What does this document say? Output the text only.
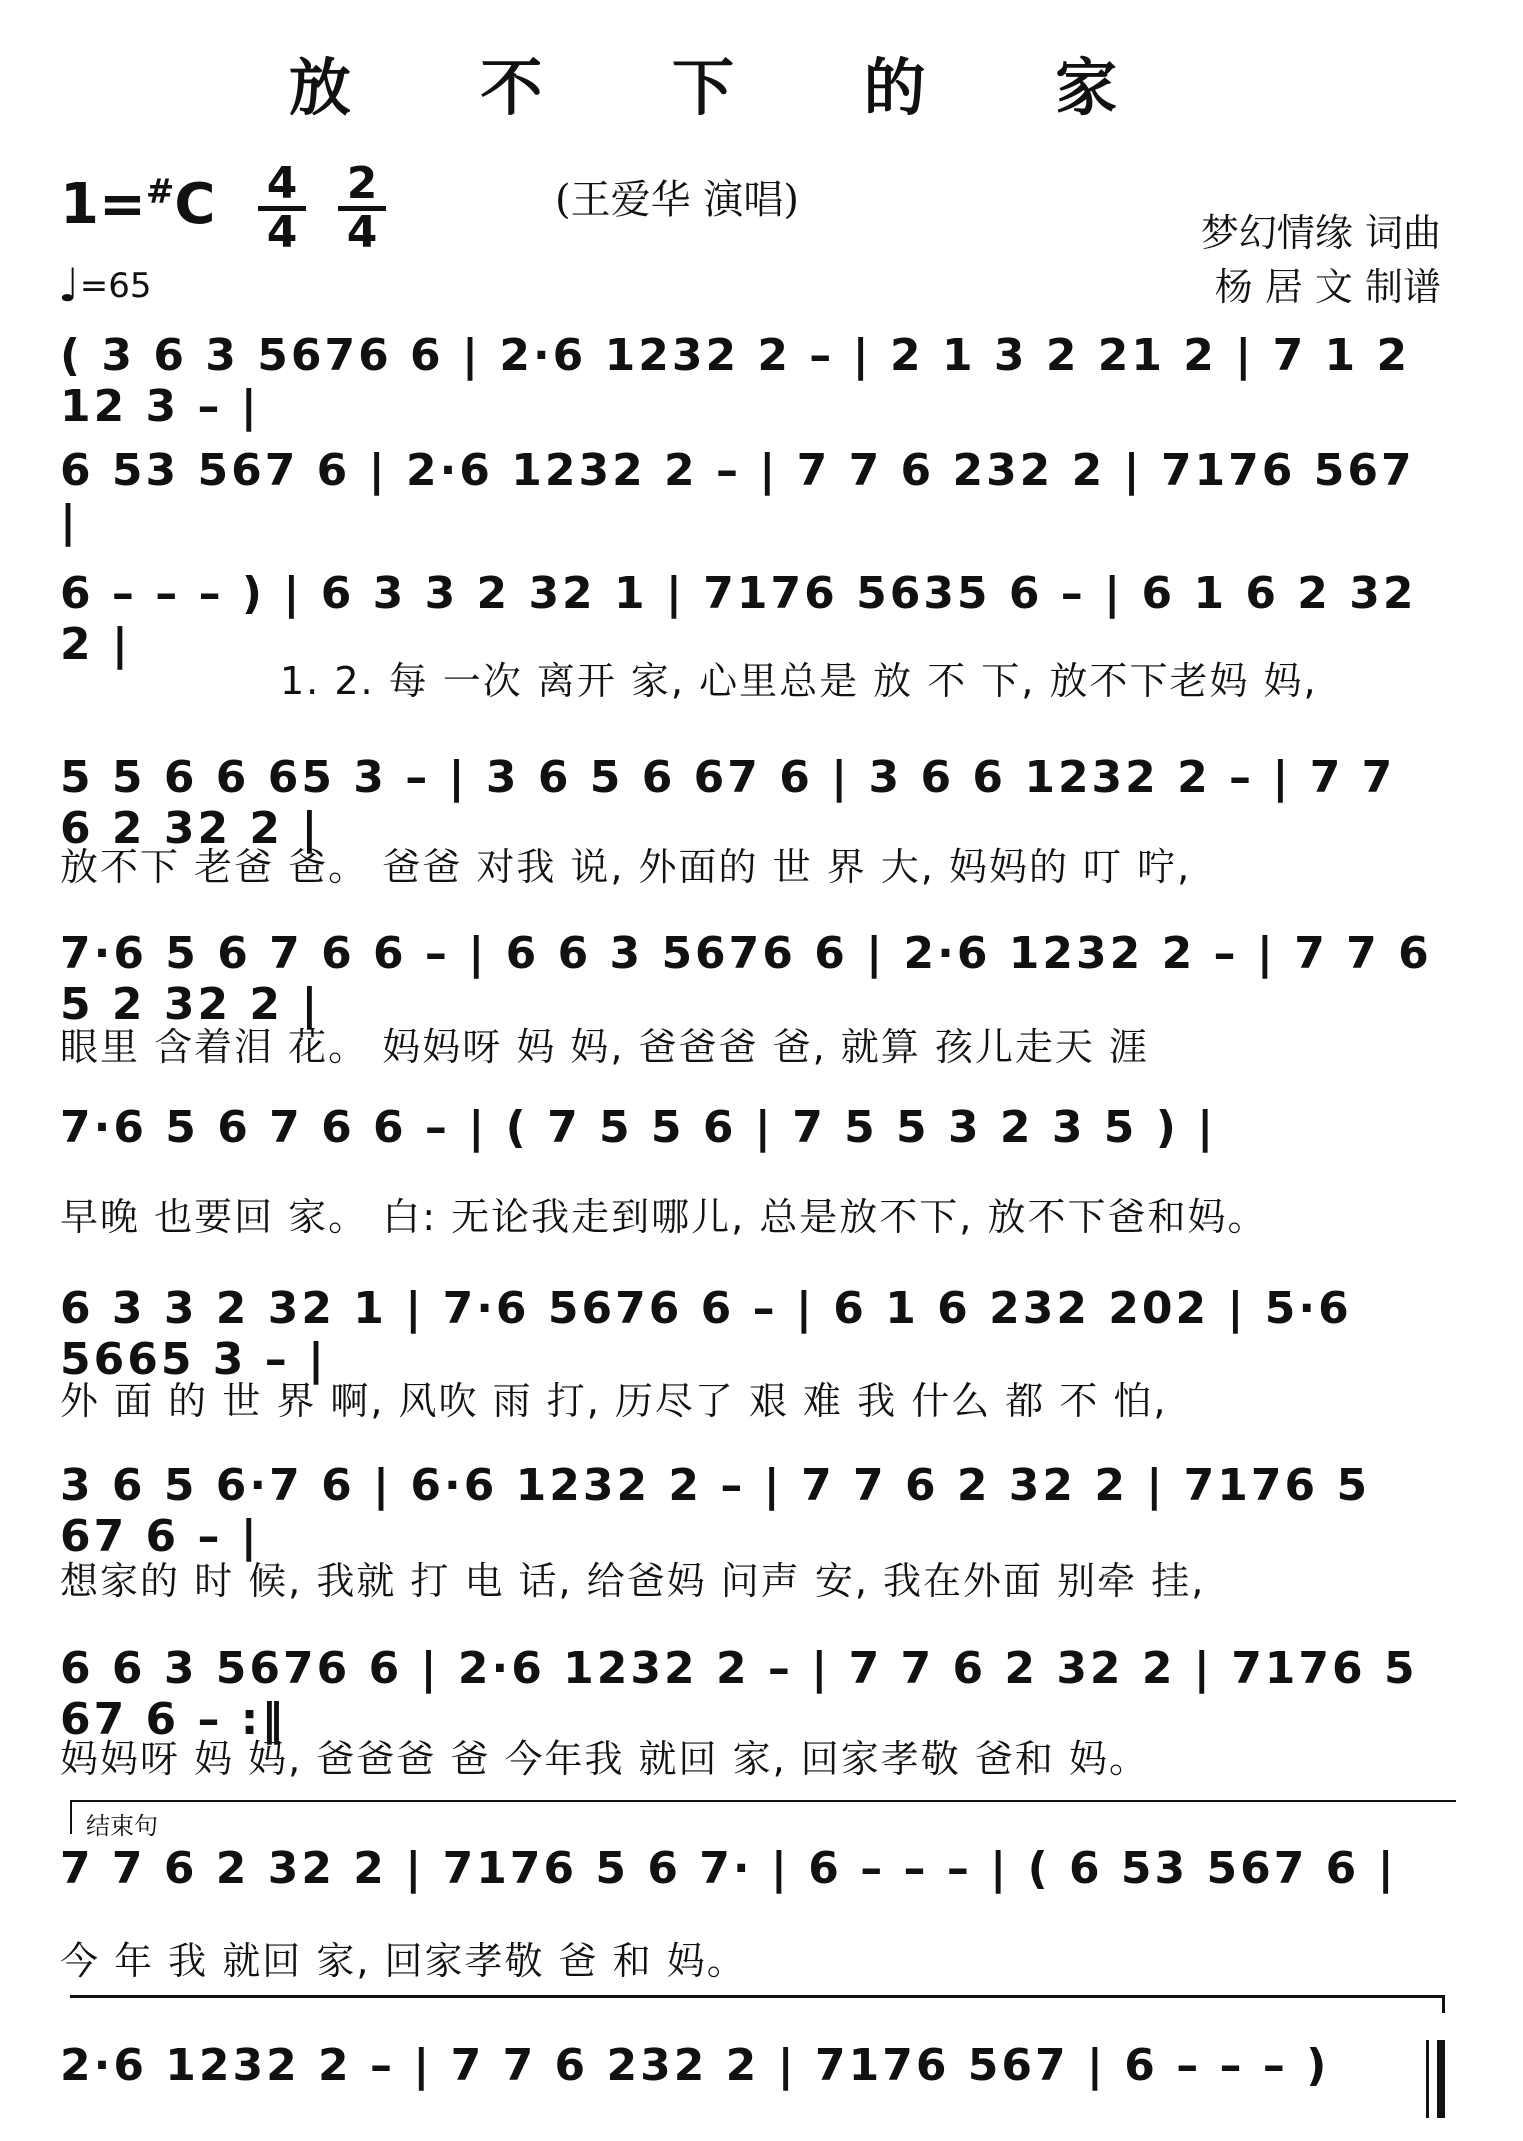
放 不 下 的 家
1=#C 4
4
2
4
♩=65
(王爱华 演唱)
梦幻情缘 词曲
杨 居 文 制谱
( 3 6 3 5676 6 | 2·6 1232 2 – | 2 1 3 2 21 2 | 7 1 2 12 3 – |
6 53 567 6 | 2·6 1232 2 – | 7 7 6 232 2 | 7176 567 |
6 – – – ) | 6 3 3 2 32 1 | 7176 5635 6 – | 6 1 6 2 32 2 |
1. 2. 每 一次 离开 家, 心里总是 放 不 下, 放不下老妈 妈,
5 5 6 6 65 3 – | 3 6 5 6 67 6 | 3 6 6 1232 2 – | 7 7 6 2 32 2 |
放不下 老爸 爸。 爸爸 对我 说, 外面的 世 界 大, 妈妈的 叮 咛,
7·6 5 6 7 6 6 – | 6 6 3 5676 6 | 2·6 1232 2 – | 7 7 6 5 2 32 2 |
眼里 含着泪 花。 妈妈呀 妈 妈, 爸爸爸 爸, 就算 孩儿走天 涯
7·6 5 6 7 6 6 – | ( 7 5 5 6 | 7 5 5 3 2 3 5 ) |
早晚 也要回 家。 白: 无论我走到哪儿, 总是放不下, 放不下爸和妈。
6 3 3 2 32 1 | 7·6 5676 6 – | 6 1 6 232 202 | 5·6 5665 3 – |
外 面 的 世 界 啊, 风吹 雨 打, 历尽了 艰 难 我 什么 都 不 怕,
3 6 5 6·7 6 | 6·6 1232 2 – | 7 7 6 2 32 2 | 7176 5 67 6 – |
想家的 时 候, 我就 打 电 话, 给爸妈 问声 安, 我在外面 别牵 挂,
6 6 3 5676 6 | 2·6 1232 2 – | 7 7 6 2 32 2 | 7176 5 67 6 – :‖
妈妈呀 妈 妈, 爸爸爸 爸 今年我 就回 家, 回家孝敬 爸和 妈。
结束句
7 7 6 2 32 2 | 7176 5 6 7· | 6 – – – | ( 6 53 567 6 |
今 年 我 就回 家, 回家孝敬 爸 和 妈。
2·6 1232 2 – | 7 7 6 232 2 | 7176 567 | 6 – – – )
